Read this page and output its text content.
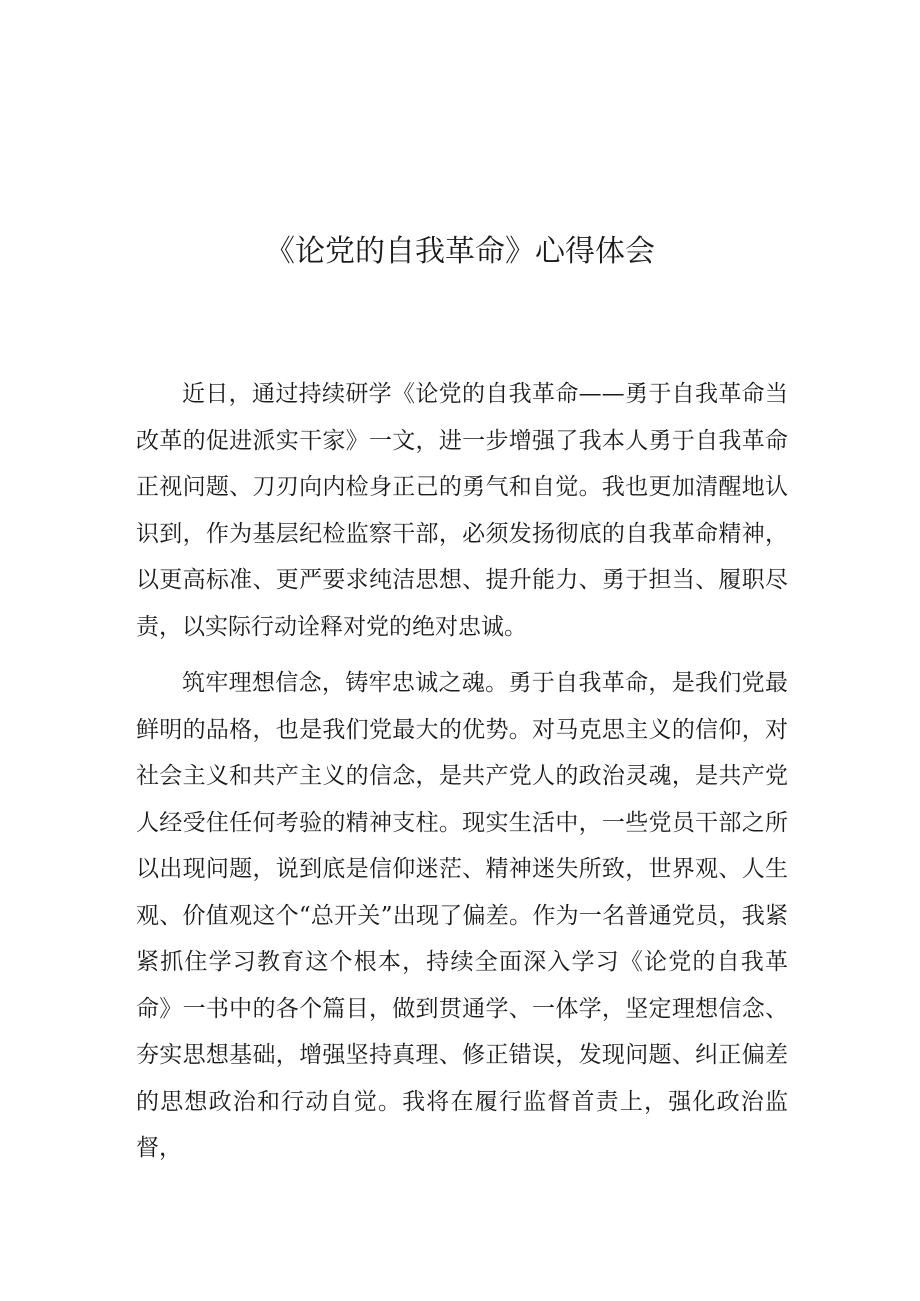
《论党的自我革命》心得体会

近日，通过持续研学《论党的自我革命——勇于自我革命当改革的促进派实干家》一文，进一步增强了我本人勇于自我革命正视问题、刀刃向内检身正己的勇气和自觉。我也更加清醒地认识到，作为基层纪检监察干部，必须发扬彻底的自我革命精神，以更高标准、更严要求纯洁思想、提升能力、勇于担当、履职尽责，以实际行动诠释对党的绝对忠诚。

筑牢理想信念，铸牢忠诚之魂。勇于自我革命，是我们党最鲜明的品格，也是我们党最大的优势。对马克思主义的信仰，对社会主义和共产主义的信念，是共产党人的政治灵魂，是共产党人经受住任何考验的精神支柱。现实生活中，一些党员干部之所以出现问题，说到底是信仰迷茫、精神迷失所致，世界观、人生观、价值观这个“总开关”出现了偏差。作为一名普通党员，我紧紧抓住学习教育这个根本，持续全面深入学习《论党的自我革命》一书中的各个篇目，做到贯通学、一体学，坚定理想信念、夯实思想基础，增强坚持真理、修正错误，发现问题、纠正偏差的思想政治和行动自觉。我将在履行监督首责上，强化政治监督，
